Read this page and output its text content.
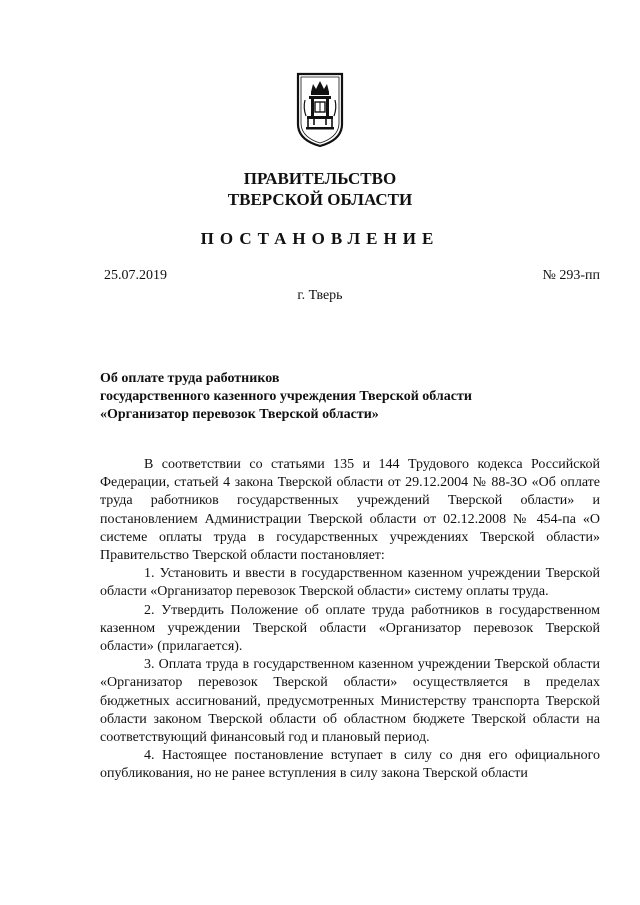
ПРАВИТЕЛЬСТВО
ТВЕРСКОЙ ОБЛАСТИ
ПОСТАНОВЛЕНИЕ
25.07.2019	№ 293-пп
г. Тверь
Об оплате труда работников
государственного казенного учреждения Тверской области
«Организатор перевозок Тверской области»

В соответствии со статьями 135 и 144 Трудового кодекса Российской Федерации, статьей 4 закона Тверской области от 29.12.2004 № 88-ЗО «Об оплате труда работников государственных учреждений Тверской области» и постановлением Администрации Тверской области от 02.12.2008 № 454-па «О системе оплаты труда в государственных учреждениях Тверской области» Правительство Тверской области постановляет:

1. Установить и ввести в государственном казенном учреждении Тверской области «Организатор перевозок Тверской области» систему оплаты труда.

2. Утвердить Положение об оплате труда работников в государственном казенном учреждении Тверской области «Организатор перевозок Тверской области» (прилагается).

3. Оплата труда в государственном казенном учреждении Тверской области «Организатор перевозок Тверской области» осуществляется в пределах бюджетных ассигнований, предусмотренных Министерству транспорта Тверской области законом Тверской области об областном бюджете Тверской области на соответствующий финансовый год и плановый период.

4. Настоящее постановление вступает в силу со дня его официального опубликования, но не ранее вступления в силу закона Тверской области
